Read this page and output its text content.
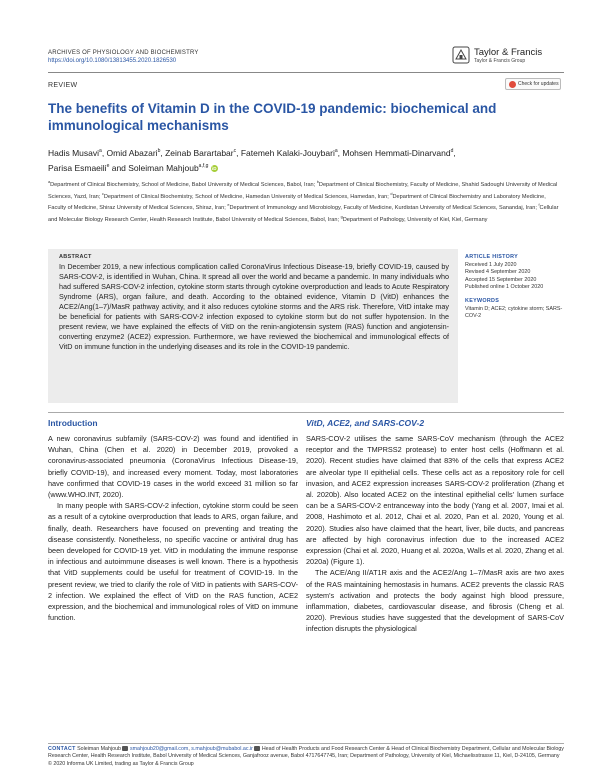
ARCHIVES OF PHYSIOLOGY AND BIOCHEMISTRY
https://doi.org/10.1080/13813455.2020.1826530
Taylor & Francis
Taylor & Francis Group
REVIEW	Check for updates
The benefits of Vitamin D in the COVID-19 pandemic: biochemical and immunological mechanisms
Hadis Musavi$^a$, Omid Abazari$^b$, Zeinab Barartabar$^c$, Fatemeh Kalaki-Jouybari$^a$, Mohsen Hemmati-Dinarvand$^d$,
Parisa Esmaeili$^e$ and Soleiman Mahjoub$^{a,f,g}$ iD
$^a$Department of Clinical Biochemistry, School of Medicine, Babol University of Medical Sciences, Babol, Iran; $^b$Department of Clinical Biochemistry, Faculty of Medicine, Shahid Sadoughi University of Medical Sciences, Yazd, Iran; $^c$Department of Clinical Biochemistry, School of Medicine, Hamedan University of Medical Sciences, Hamedan, Iran; $^d$Department of Clinical Biochemistry and Laboratory Medicine, Faculty of Medicine, Shiraz University of Medical Sciences, Shiraz, Iran; $^e$Department of Immunology and Microbiology, Faculty of Medicine, Kurdistan University of Medical Sciences, Sanandaj, Iran; $^f$Cellular and Molecular Biology Research Center, Health Research Institute, Babol University of Medical Sciences, Babol, Iran; $^g$Department of Pathology, University of Kiel, Kiel, Germany
ABSTRACT
In December 2019, a new infectious complication called CoronaVirus Infectious Disease-19, briefly COVID-19, caused by SARS-COV-2, is identified in Wuhan, China. It spread all over the world and became a pandemic. In many individuals who had suffered SARS-COV-2 infection, cytokine storm starts through cytokine overproduction and leads to Acute Respiratory Syndrome (ARS), organ failure, and death. According to the obtained evidence, Vitamin D (VitD) enhances the ACE2/Ang(1–7)/MasR pathway activity, and it also reduces cytokine storms and the ARS risk. Therefore, VitD intake may be beneficial for patients with SARS-COV-2 infection exposed to cytokine storm but do not suffer hypotension. In the present review, we have explained the effects of VitD on the renin-angiotensin system (RAS) function and angiotensin-converting enzyme2 (ACE2) expression. Furthermore, we have reviewed the biochemical and immunological effects of VitD on immune function in the underlying diseases and its role in the COVID-19 pandemic.
ARTICLE HISTORY
Received 1 July 2020
Revised 4 September 2020
Accepted 15 September 2020
Published online 1 October 2020
KEYWORDS
Vitamin D; ACE2; cytokine storm; SARS-COV-2
Introduction

A new coronavirus subfamily (SARS-COV-2) was found and identified in Wuhan, China (Chen et al. 2020) in December 2019, provoked a coronavirus-associated pneumonia (CoronaVirus Infectious Disease-19, briefly COVID-19), and increased every moment. Today, most laboratories have confirmed that COVID-19 cases in the world exceed 31 million so far (www.WHO.INT, 2020).

In many people with SARS-COV-2 infection, cytokine storm could be seen as a result of a cytokine overproduction that leads to ARS, organ failure, and finally, death. Researchers have focused on preventing and treating the disease consistently. Nonetheless, no specific vaccine or antiviral drug has been developed for COVID-19 yet. VitD in modulating the immune response in infectious and autoimmune diseases is well known. There is a hypothesis that VitD supplements could be useful for treatment of COVID-19. In the present review, we tried to clarify the role of VitD in patients with SARS-COV-2 infection. We explained the effect of VitD on the RAS function, ACE2 expression, and the biochemical and immunological roles of VitD on immune function.

VitD, ACE2, and SARS-COV-2

SARS-COV-2 utilises the same SARS-CoV mechanism (through the ACE2 receptor and the TMPRSS2 protease) to enter host cells (Hoffmann et al. 2020). Recent studies have claimed that 83% of the cells that express ACE2 are alveolar type II epithelial cells. These cells act as a repository role for cell invasion, and ACE2 expression increases SARS-COV-2 proliferation (Zhang et al. 2020b). Also located ACE2 on the intestinal epithelial cells' lumen surface can be a SARS-COV-2 entranceway into the body (Yang et al. 2007, Imai et al. 2008, Hashimoto et al. 2012, Chai et al. 2020, Pan et al. 2020, Young et al. 2020). Studies also have claimed that the heart, liver, bile ducts, and pancreas are affected by high coronavirus infection due to the increased ACE2 expression (Chai et al. 2020, Huang et al. 2020a, Walls et al. 2020, Zhang et al. 2020a) (Figure 1).

The ACE/Ang II/AT1R axis and the ACE2/Ang 1–7/MasR axis are two axes of the RAS maintaining hemostasis in humans. ACE2 prevents the classic RAS system's activation and protects the body against high blood pressure, inflammation, diabetes, cardiovascular disease, and fibrosis (Cheng et al. 2020). Previous studies have suggested that the development of SARS-CoV infection disrupts the physiological

CONTACT Soleiman Mahjoub smahjoub20@gmail.com, s.mahjoub@mubabol.ac.ir Head of Health Products and Food Research Center & Head of Clinical Biochemistry Department, Cellular and Molecular Biology Research Center, Health Research Institute, Babol University of Medical Sciences, Ganjafrooz avenue, Babol 4717647745, Iran; Department of Pathology, University of Kiel, Michaelisstrasse 11, Kiel, D-24105, Germany
© 2020 Informa UK Limited, trading as Taylor & Francis Group
